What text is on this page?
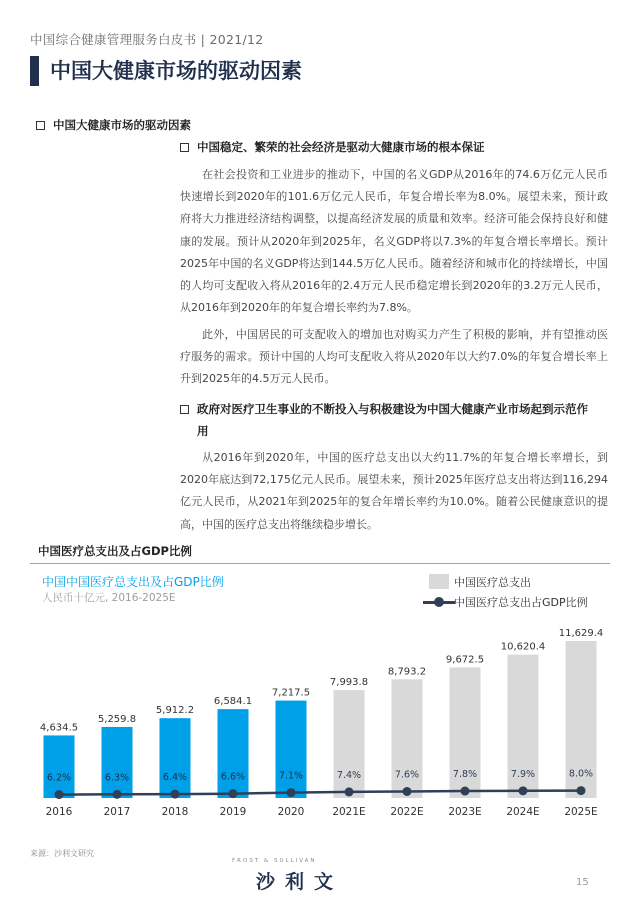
中国综合健康管理服务白皮书 | 2021/12
中国大健康市场的驱动因素
中国大健康市场的驱动因素
中国稳定、繁荣的社会经济是驱动大健康市场的根本保证

在社会投资和工业进步的推动下，中国的名义GDP从2016年的74.6万亿元人民币快速增长到2020年的101.6万亿元人民币，年复合增长率为8.0%。展望未来，预计政府将大力推进经济结构调整，以提高经济发展的质量和效率。经济可能会保持良好和健康的发展。预计从2020年到2025年，名义GDP将以7.3%的年复合增长率增长。预计2025年中国的名义GDP将达到144.5万亿人民币。随着经济和城市化的持续增长，中国的人均可支配收入将从2016年的2.4万元人民币稳定增长到2020年的3.2万元人民币，从2016年到2020年的年复合增长率约为7.8%。

此外，中国居民的可支配收入的增加也对购买力产生了积极的影响，并有望推动医疗服务的需求。预计中国的人均可支配收入将从2020年以大约7.0%的年复合增长率上升到2025年的4.5万元人民币。

政府对医疗卫生事业的不断投入与积极建设为中国大健康产业市场起到示范作用

从2016年到2020年，中国的医疗总支出以大约11.7%的年复合增长率增长，到2020年底达到72,175亿元人民币。展望未来，预计2025年医疗总支出将达到116,294亿元人民币，从2021年到2025年的复合年增长率约为10.0%。随着公民健康意识的提高，中国的医疗总支出将继续稳步增长。

中国医疗总支出及占GDP比例
4,634.5
2016
5,259.8
2017
5,912.2
2018
6,584.1
2019
7,217.5
2020
7,993.8
2021E
8,793.2
2022E
9,672.5
2023E
10,620.4
2024E
11,629.4
2025E
6.2%	6.3%	6.4%	6.6%	7.1%	7.4%	7.6%	7.8%	7.9%	8.0%
中国中国医疗总支出及占GDP比例
人民币十亿元, 2016-2025E
中国医疗总支出
中国医疗总支出占GDP比例
来源：沙利文研究
FROST & SULLIVAN
沙利文	15
